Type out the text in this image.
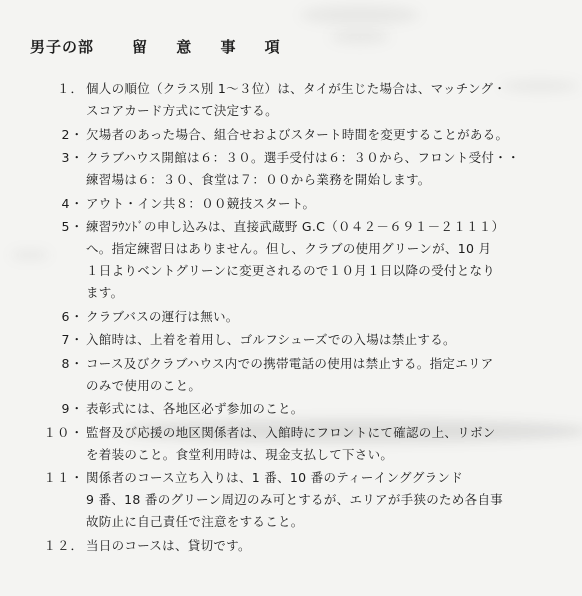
男子の部	留 意 事 項
１． 個人の順位（クラス別 1～３位）は、タイが生じた場合は、マッチング・
スコアカード方式にて決定する。
2・ 欠場者のあった場合、組合せおよびスタート時間を変更することがある。
3・ クラブハウス開館は６：３０。選手受付は６：３０から、フロント受付・・
練習場は６：３０、食堂は７：００から業務を開始します。
4・ アウト・イン共８：００競技スタート。
5・ 練習ﾗｳﾝﾄﾞの申し込みは、直接武蔵野 G.C（０４２－６９１－２１１１）
へ。指定練習日はありません。但し、クラブの使用グリーンが、10 月
１日よりベントグリーンに変更されるので１０月１日以降の受付となり
ます。
6・ クラブバスの運行は無い。
7・ 入館時は、上着を着用し、ゴルフシューズでの入場は禁止する。
8・ コース及びクラブハウス内での携帯電話の使用は禁止する。指定エリア
のみで使用のこと。
9・ 表彰式には、各地区必ず参加のこと。
１０・ 監督及び応援の地区関係者は、入館時にフロントにて確認の上、リボン
を着装のこと。食堂利用時は、現金支払して下さい。
１１・ 関係者のコース立ち入りは、1 番、10 番のティーインググランド
9 番、18 番のグリーン周辺のみ可とするが、エリアが手狭のため各自事
故防止に自己責任で注意をすること。
１２． 当日のコースは、貸切です。
